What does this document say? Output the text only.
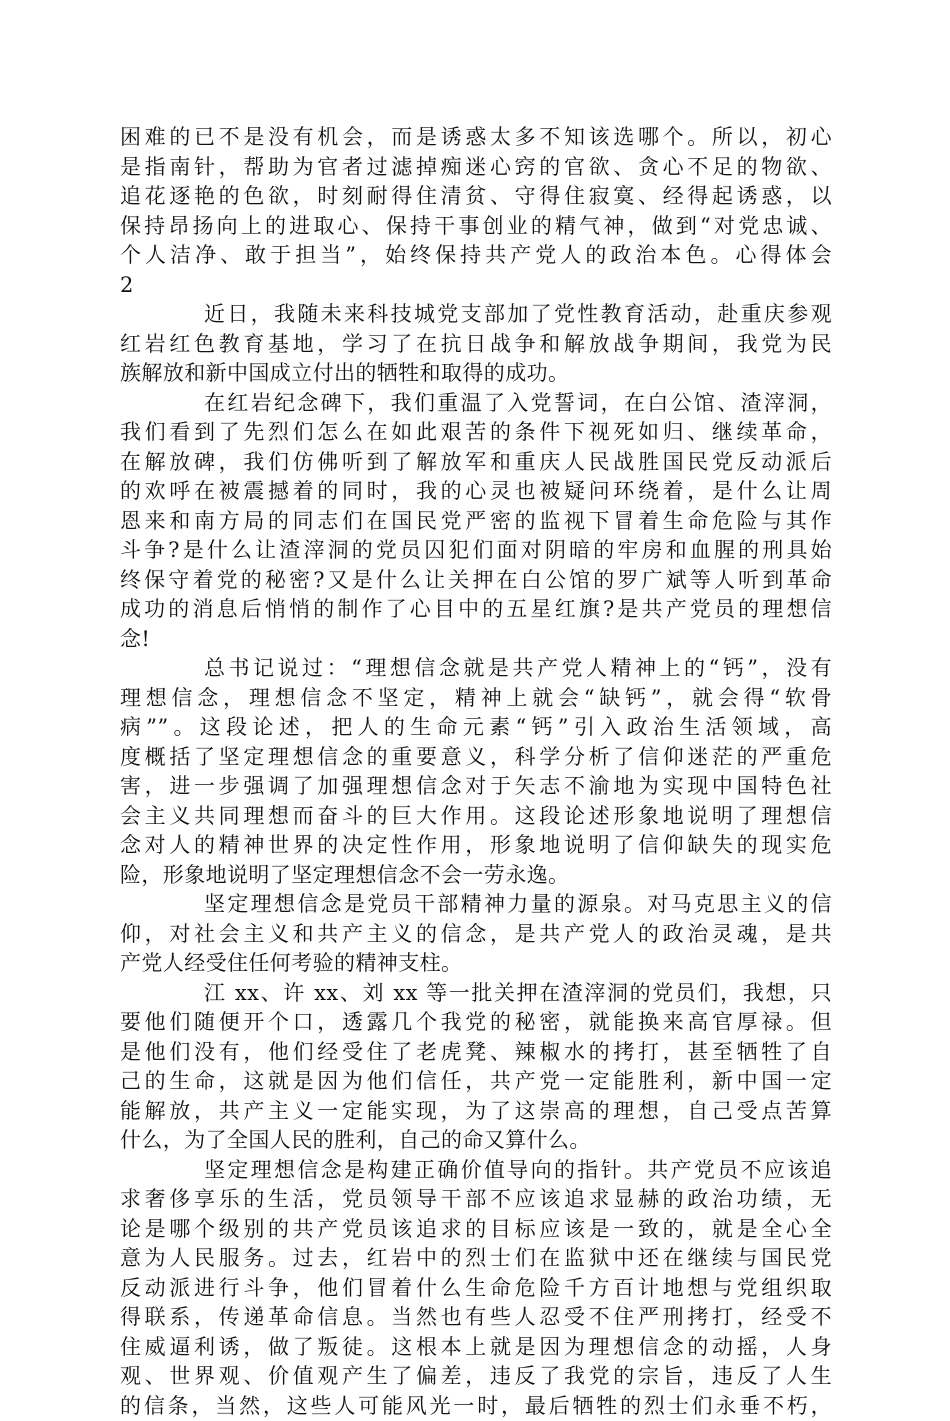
困难的已不是没有机会，而是诱惑太多不知该选哪个。所以，初心
是指南针，帮助为官者过滤掉痴迷心窍的官欲、贪心不足的物欲、
追花逐艳的色欲，时刻耐得住清贫、守得住寂寞、经得起诱惑，以
保持昂扬向上的进取心、保持干事创业的精气神，做到“对党忠诚、
个人洁净、敢于担当”，始终保持共产党人的政治本色。心得体会
2
近日，我随未来科技城党支部加了党性教育活动，赴重庆参观
红岩红色教育基地，学习了在抗日战争和解放战争期间，我党为民
族解放和新中国成立付出的牺牲和取得的成功。
在红岩纪念碑下，我们重温了入党誓词，在白公馆、渣滓洞，
我们看到了先烈们怎么在如此艰苦的条件下视死如归、继续革命，
在解放碑，我们仿佛听到了解放军和重庆人民战胜国民党反动派后
的欢呼在被震撼着的同时，我的心灵也被疑问环绕着，是什么让周
恩来和南方局的同志们在国民党严密的监视下冒着生命危险与其作
斗争?是什么让渣滓洞的党员囚犯们面对阴暗的牢房和血腥的刑具始
终保守着党的秘密?又是什么让关押在白公馆的罗广斌等人听到革命
成功的消息后悄悄的制作了心目中的五星红旗?是共产党员的理想信
念!
总书记说过：“理想信念就是共产党人精神上的“钙”，没有
理想信念，理想信念不坚定，精神上就会“缺钙”，就会得“软骨
病””。这段论述，把人的生命元素“钙”引入政治生活领域，高
度概括了坚定理想信念的重要意义，科学分析了信仰迷茫的严重危
害，进一步强调了加强理想信念对于矢志不渝地为实现中国特色社
会主义共同理想而奋斗的巨大作用。这段论述形象地说明了理想信
念对人的精神世界的决定性作用，形象地说明了信仰缺失的现实危
险，形象地说明了坚定理想信念不会一劳永逸。
坚定理想信念是党员干部精神力量的源泉。对马克思主义的信
仰，对社会主义和共产主义的信念，是共产党人的政治灵魂，是共
产党人经受住任何考验的精神支柱。
江 xx、许 xx、刘 xx 等一批关押在渣滓洞的党员们，我想，只
要他们随便开个口，透露几个我党的秘密，就能换来高官厚禄。但
是他们没有，他们经受住了老虎凳、辣椒水的拷打，甚至牺牲了自
己的生命，这就是因为他们信任，共产党一定能胜利，新中国一定
能解放，共产主义一定能实现，为了这崇高的理想，自己受点苦算
什么，为了全国人民的胜利，自己的命又算什么。
坚定理想信念是构建正确价值导向的指针。共产党员不应该追
求奢侈享乐的生活，党员领导干部不应该追求显赫的政治功绩，无
论是哪个级别的共产党员该追求的目标应该是一致的，就是全心全
意为人民服务。过去，红岩中的烈士们在监狱中还在继续与国民党
反动派进行斗争，他们冒着什么生命危险千方百计地想与党组织取
得联系，传递革命信息。当然也有些人忍受不住严刑拷打，经受不
住威逼利诱，做了叛徒。这根本上就是因为理想信念的动摇，人身
观、世界观、价值观产生了偏差，违反了我党的宗旨，违反了人生
的信条，当然，这些人可能风光一时，最后牺牲的烈士们永垂不朽，
